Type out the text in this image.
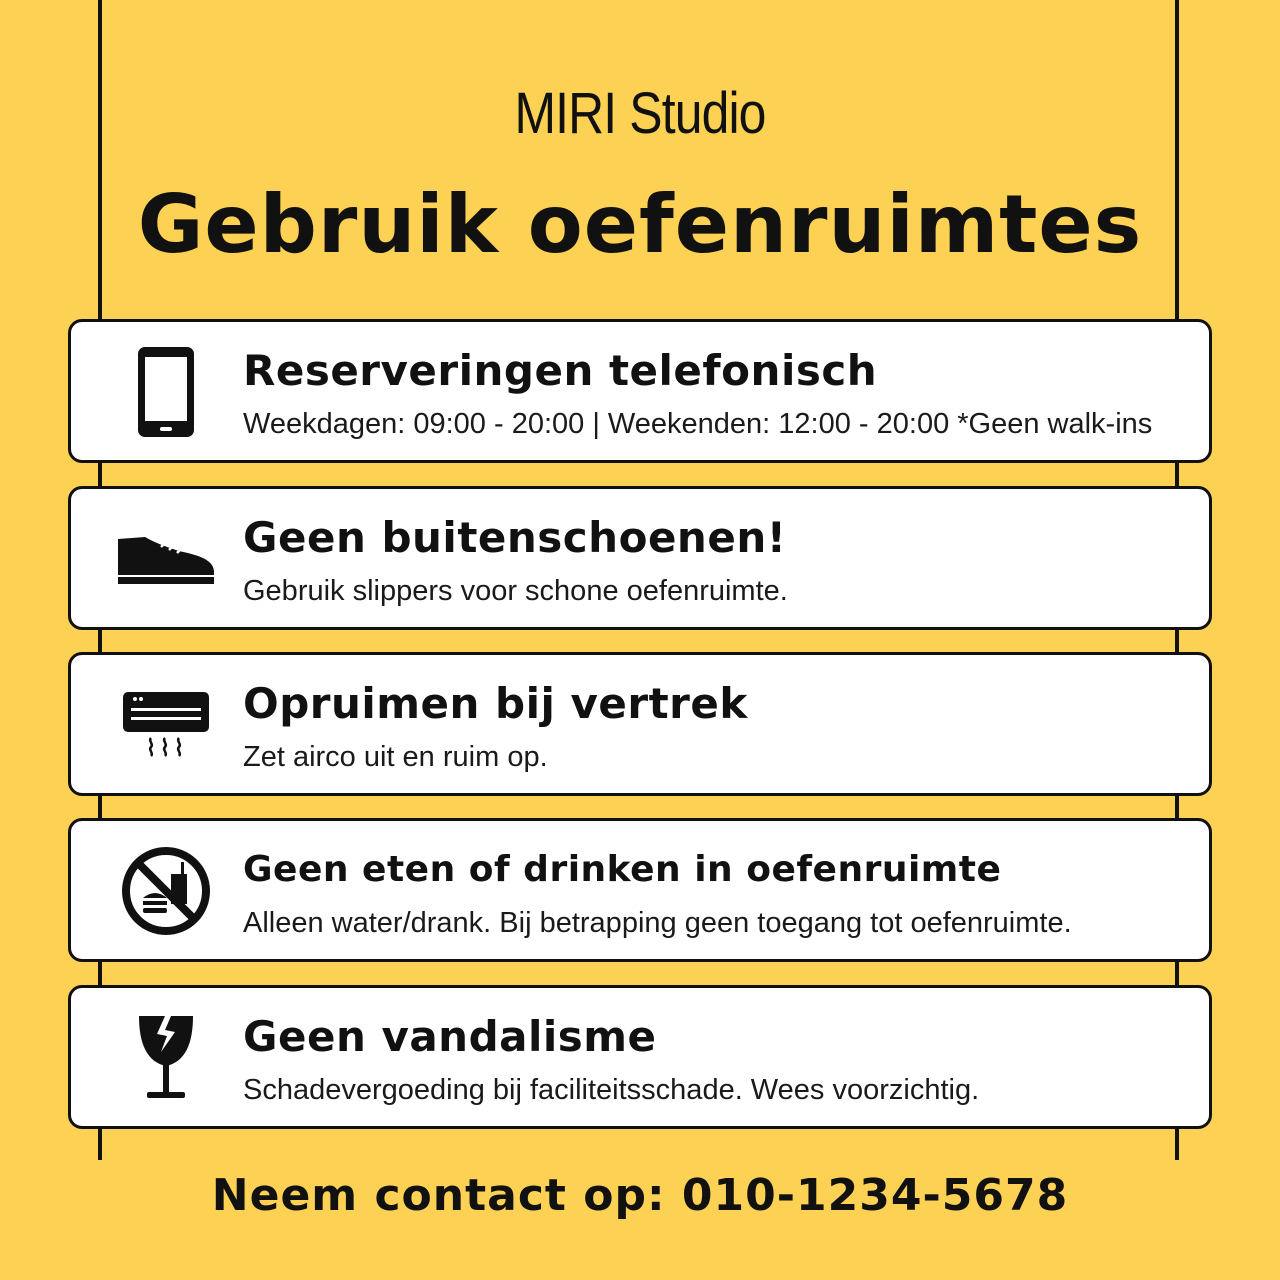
MIRI Studio
Gebruik oefenruimtes
Reserveringen telefonisch
Weekdagen: 09:00 - 20:00 | Weekenden: 12:00 - 20:00 *Geen walk-ins
Geen buitenschoenen!
Gebruik slippers voor schone oefenruimte.
Opruimen bij vertrek
Zet airco uit en ruim op.
Geen eten of drinken in oefenruimte
Alleen water/drank. Bij betrapping geen toegang tot oefenruimte.
Geen vandalisme
Schadevergoeding bij faciliteitsschade. Wees voorzichtig.
Neem contact op: 010-1234-5678
